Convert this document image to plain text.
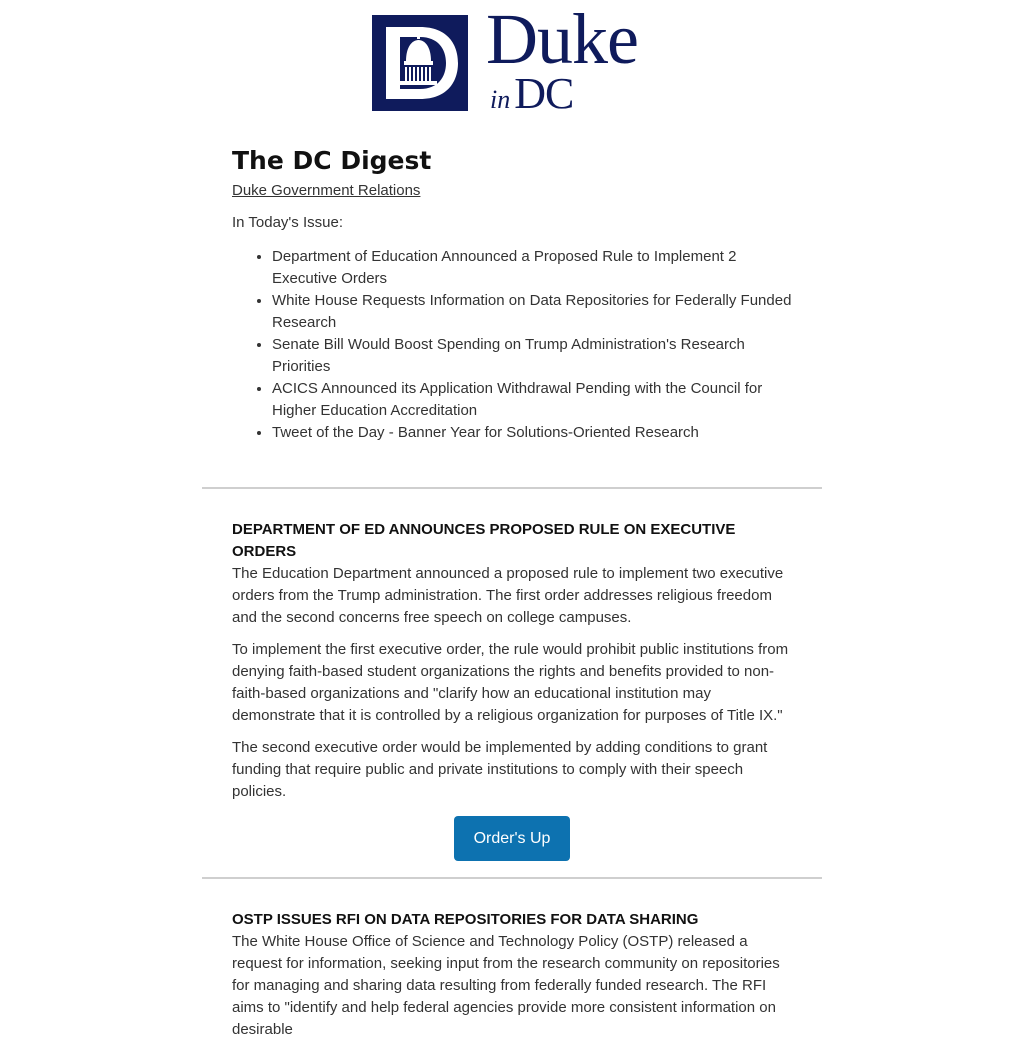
Duke
inDC
The DC Digest
Duke Government Relations

In Today's Issue:

• Department of Education Announced a Proposed Rule to Implement 2 Executive Orders
• White House Requests Information on Data Repositories for Federally Funded Research
• Senate Bill Would Boost Spending on Trump Administration's Research Priorities
• ACICS Announced its Application Withdrawal Pending with the Council for Higher Education Accreditation
• Tweet of the Day - Banner Year for Solutions-Oriented Research
DEPARTMENT OF ED ANNOUNCES PROPOSED RULE ON EXECUTIVE ORDERS

The Education Department announced a proposed rule to implement two executive orders from the Trump administration. The first order addresses religious freedom and the second concerns free speech on college campuses.

To implement the first executive order, the rule would prohibit public institutions from denying faith-based student organizations the rights and benefits provided to non-faith-based organizations and "clarify how an educational institution may demonstrate that it is controlled by a religious organization for purposes of Title IX."

The second executive order would be implemented by adding conditions to grant funding that require public and private institutions to comply with their speech policies.

Order's Up
OSTP ISSUES RFI ON DATA REPOSITORIES FOR DATA SHARING

The White House Office of Science and Technology Policy (OSTP) released a request for information, seeking input from the research community on repositories for managing and sharing data resulting from federally funded research. The RFI aims to "identify and help federal agencies provide more consistent information on desirable
